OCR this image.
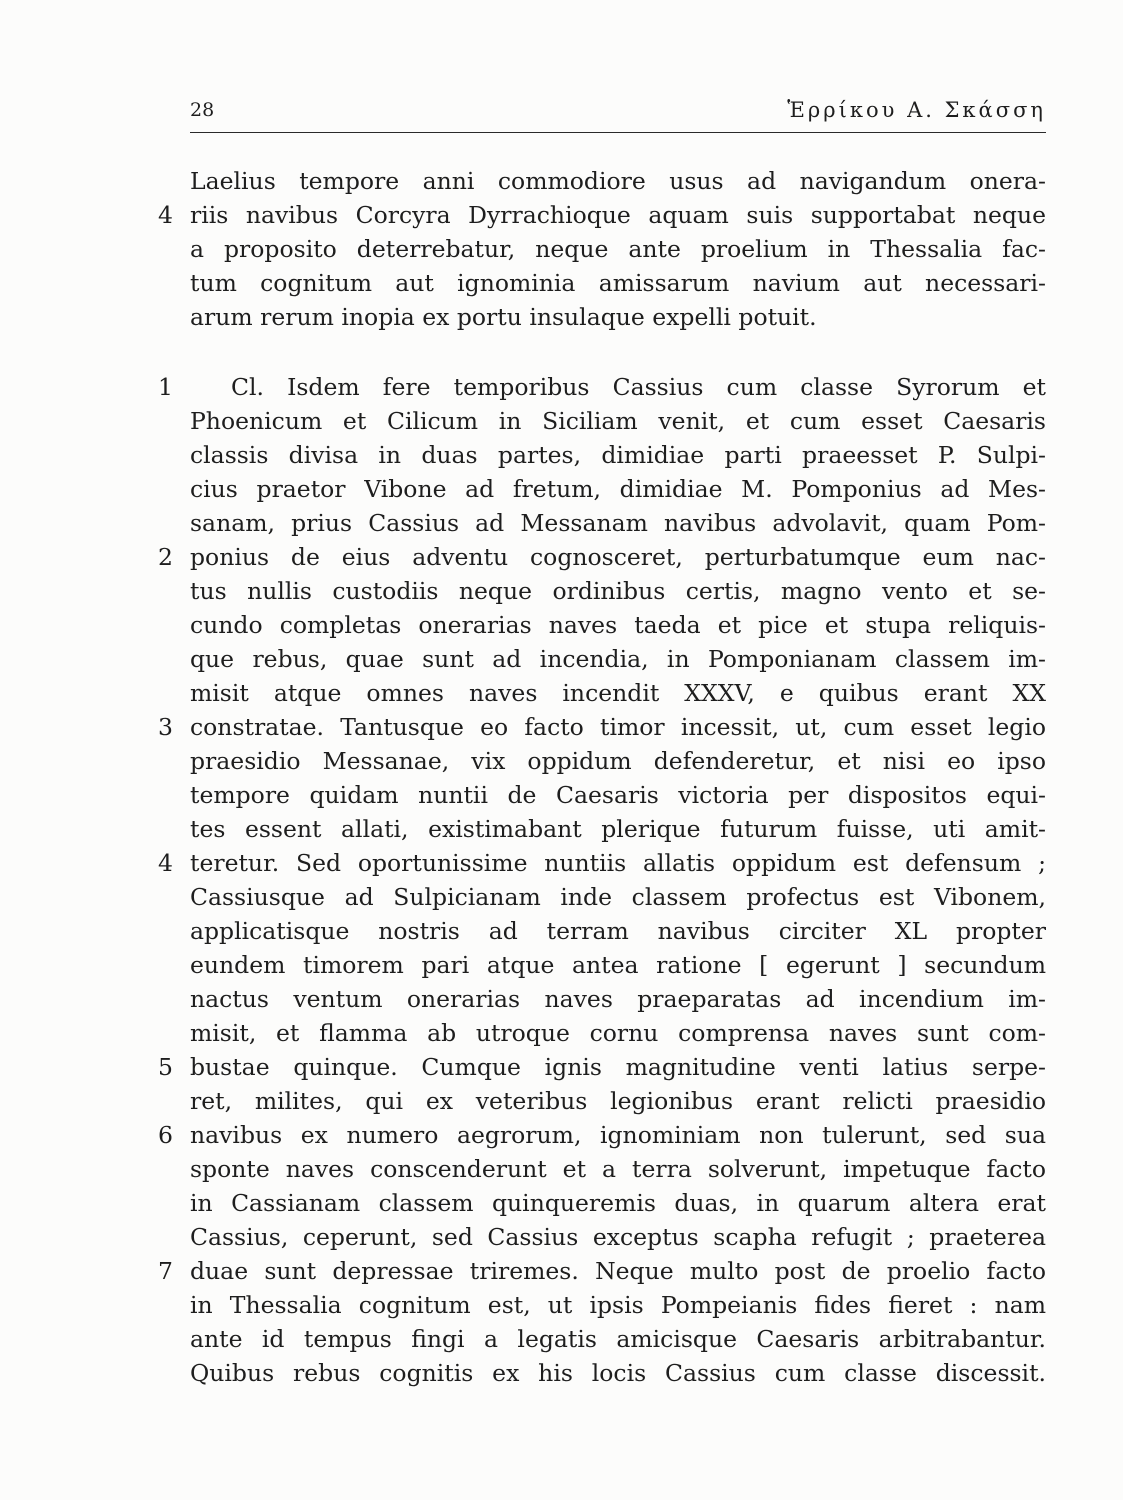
28	Ἑρρίκου Α. Σκάσση
Laelius tempore anni commodiore usus ad navigandum onera-
riis navibus Corcyra Dyrrachioque aquam suis supportabat neque
a proposito deterrebatur, neque ante proelium in Thessalia fac-
tum cognitum aut ignominia amissarum navium aut necessari-
arum rerum inopia ex portu insulaque expelli potuit.
4
Cl. Isdem fere temporibus Cassius cum classe Syrorum et
Phoenicum et Cilicum in Siciliam venit, et cum esset Caesaris
classis divisa in duas partes, dimidiae parti praeesset P. Sulpi-
cius praetor Vibone ad fretum, dimidiae M. Pomponius ad Mes-
sanam, prius Cassius ad Messanam navibus advolavit, quam Pom-
ponius de eius adventu cognosceret, perturbatumque eum nac-
tus nullis custodiis neque ordinibus certis, magno vento et se-
cundo completas onerarias naves taeda et pice et stupa reliquis-
que rebus, quae sunt ad incendia, in Pomponianam classem im-
misit atque omnes naves incendit XXXV, e quibus erant XX
constratae. Tantusque eo facto timor incessit, ut, cum esset legio
praesidio Messanae, vix oppidum defenderetur, et nisi eo ipso
tempore quidam nuntii de Caesaris victoria per dispositos equi-
tes essent allati, existimabant plerique futurum fuisse, uti amit-
teretur. Sed oportunissime nuntiis allatis oppidum est defensum ;
Cassiusque ad Sulpicianam inde classem profectus est Vibonem,
applicatisque nostris ad terram navibus circiter XL propter
eundem timorem pari atque antea ratione [ egerunt ] secundum
nactus ventum onerarias naves praeparatas ad incendium im-
misit, et flamma ab utroque cornu comprensa naves sunt com-
bustae quinque. Cumque ignis magnitudine venti latius serpe-
ret, milites, qui ex veteribus legionibus erant relicti praesidio
navibus ex numero aegrorum, ignominiam non tulerunt, sed sua
sponte naves conscenderunt et a terra solverunt, impetuque facto
in Cassianam classem quinqueremis duas, in quarum altera erat
Cassius, ceperunt, sed Cassius exceptus scapha refugit ; praeterea
duae sunt depressae triremes. Neque multo post de proelio facto
in Thessalia cognitum est, ut ipsis Pompeianis fides fieret : nam
ante id tempus fingi a legatis amicisque Caesaris arbitrabantur.
Quibus rebus cognitis ex his locis Cassius cum classe discessit.
1
2
3
4
5
6
7
